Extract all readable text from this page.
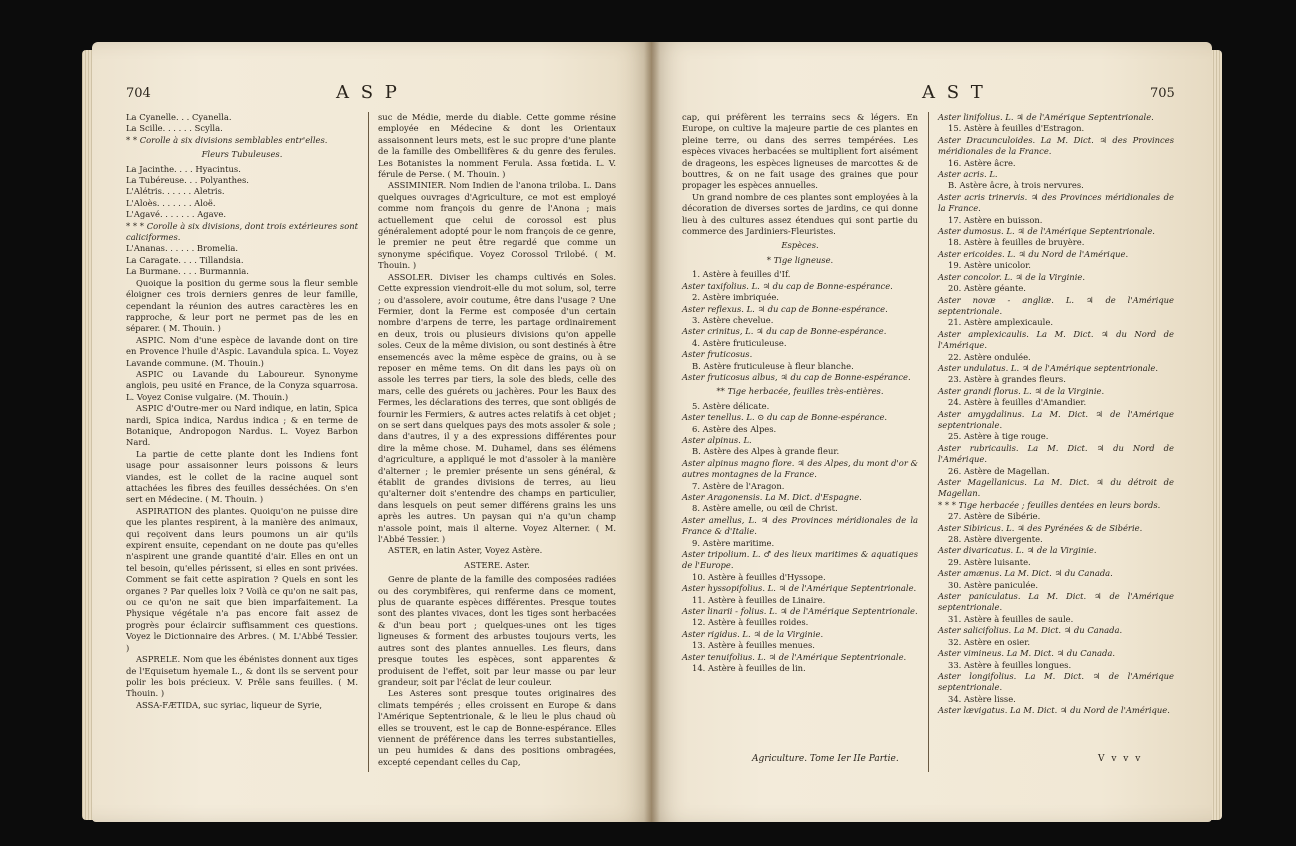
704	A S P

La Cyanelle. . . Cyanella.

La Scille. . . . . . Scylla.

* * Corolle à six divisions semblables entr'elles.

Fleurs Tubuleuses.

La Jacinthe. . . . Hyacintus.

La Tubéreuse. . . Polyanthes.

L'Alétris. . . . . . Aletris.

L'Aloès. . . . . . . Aloë.

L'Agavé. . . . . . . Agave.

* * * Corolle à six divisions, dont trois extérieures sont caliciformes.

L'Ananas. . . . . . Bromelia.

La Caragate. . . . Tillandsia.

La Burmane. . . . Burmannia.

Quoique la position du germe sous la fleur semble éloigner ces trois derniers genres de leur famille, cependant la réunion des autres caractères les en rapproche, & leur port ne permet pas de les en séparer. ( M. Thouin. )

ASPIC. Nom d'une espèce de lavande dont on tire en Provence l'huile d'Aspic. Lavandula spica. L. Voyez Lavande commune. (M. Thouin.)

ASPIC ou Lavande du Laboureur. Synonyme anglois, peu usité en France, de la Conyza squarrosa. L. Voyez Conise vulgaire. (M. Thouin.)

ASPIC d'Outre-mer ou Nard indique, en latin, Spica nardi, Spica indica, Nardus indica ; & en terme de Botanique, Andropogon Nardus. L. Voyez Barbon Nard.

La partie de cette plante dont les Indiens font usage pour assaisonner leurs poissons & leurs viandes, est le collet de la racine auquel sont attachées les fibres des feuilles desséchées. On s'en sert en Médecine. ( M. Thouin. )

ASPIRATION des plantes. Quoiqu'on ne puisse dire que les plantes respirent, à la manière des animaux, qui reçoivent dans leurs poumons un air qu'ils expirent ensuite, cependant on ne doute pas qu'elles n'aspirent une grande quantité d'air. Elles en ont un tel besoin, qu'elles périssent, si elles en sont privées. Comment se fait cette aspiration ? Quels en sont les organes ? Par quelles loix ? Voilà ce qu'on ne sait pas, ou ce qu'on ne sait que bien imparfaitement. La Physique végétale n'a pas encore fait assez de progrès pour éclaircir suffisamment ces questions. Voyez le Dictionnaire des Arbres. ( M. L'Abbé Tessier. )

ASPRELE. Nom que les ébénistes donnent aux tiges de l'Equisetum hyemale L., & dont ils se servent pour polir les bois précieux. V. Prêle sans feuilles. ( M. Thouin. )

ASSA-FÆTIDA, suc syriac, liqueur de Syrie,

suc de Médie, merde du diable. Cette gomme résine employée en Médecine & dont les Orientaux assaisonnent leurs mets, est le suc propre d'une plante de la famille des Ombellifères & du genre des ferules. Les Botanistes la nomment Ferula. Assa fœtida. L. V. férule de Perse. ( M. Thouin. )

ASSIMINIER. Nom Indien de l'anona triloba. L. Dans quelques ouvrages d'Agriculture, ce mot est employé comme nom françois du genre de l'Anona ; mais actuellement que celui de corossol est plus généralement adopté pour le nom françois de ce genre, le premier ne peut être regardé que comme un synonyme spécifique. Voyez Corossol Trilobé. ( M. Thouin. )

ASSOLER. Diviser les champs cultivés en Soles. Cette expression viendroit-elle du mot solum, sol, terre ; ou d'assolere, avoir coutume, être dans l'usage ? Une Fermier, dont la Ferme est composée d'un certain nombre d'arpens de terre, les partage ordinairement en deux, trois ou plusieurs divisions qu'on appelle soles. Ceux de la même division, ou sont destinés à être ensemencés avec la même espèce de grains, ou à se reposer en même tems. On dit dans les pays où on assole les terres par tiers, la sole des bleds, celle des mars, celle des guérets ou jachères. Pour les Baux des Fermes, les déclarations des terres, que sont obligés de fournir les Fermiers, & autres actes relatifs à cet objet ; on se sert dans quelques pays des mots assoler & sole ; dans d'autres, il y a des expressions différentes pour dire la même chose. M. Duhamel, dans ses élémens d'agriculture, a appliqué le mot d'assoler à la manière d'alterner ; le premier présente un sens général, & établit de grandes divisions de terres, au lieu qu'alterner doit s'entendre des champs en particulier, dans lesquels on peut semer différens grains les uns après les autres. Un paysan qui n'a qu'un champ n'assole point, mais il alterne. Voyez Alterner. ( M. l'Abbé Tessier. )

ASTER, en latin Aster, Voyez Astère.

ASTERE. Aster.

Genre de plante de la famille des composées radiées ou des corymbifères, qui renferme dans ce moment, plus de quarante espèces différentes. Presque toutes sont des plantes vivaces, dont les tiges sont herbacées & d'un beau port ; quelques-unes ont les tiges ligneuses & forment des arbustes toujours verts, les autres sont des plantes annuelles. Les fleurs, dans presque toutes les espèces, sont apparentes & produisent de l'effet, soit par leur masse ou par leur grandeur, soit par l'éclat de leur couleur.

Les Asteres sont presque toutes originaires des climats tempérés ; elles croissent en Europe & dans l'Amérique Septentrionale, & le lieu le plus chaud où elles se trouvent, est le cap de Bonne-espérance. Elles viennent de préférence dans les terres substantielles, un peu humides & dans des positions ombragées, excepté cependant celles du Cap,

A S T	705

cap, qui préfèrent les terrains secs & légers. En Europe, on cultive la majeure partie de ces plantes en pleine terre, ou dans des serres tempérées. Les espèces vivaces herbacées se multiplient fort aisément de drageons, les espèces ligneuses de marcottes & de bouttres, & on ne fait usage des graines que pour propager les espèces annuelles.

Un grand nombre de ces plantes sont employées à la décoration de diverses sortes de jardins, ce qui donne lieu à des cultures assez étendues qui sont partie du commerce des Jardiniers-Fleuristes.

Espèces.

* Tige ligneuse.

1. Astère à feuilles d'If.

Aster taxifolius. L. ♃ du cap de Bonne-espérance.

2. Astère imbriquée.

Aster reflexus. L. ♃ du cap de Bonne-espérance.

3. Astère chevelue.

Aster crinitus, L. ♃ du cap de Bonne-espérance.

4. Astère fruticuleuse.

Aster fruticosus.

B. Astère fruticuleuse à fleur blanche.

Aster fruticosus albus, ♃ du cap de Bonne-espérance.

** Tige herbacée, feuilles très-entières.

5. Astère délicate.

Aster tenellus. L. ⊙ du cap de Bonne-espérance.

6. Astère des Alpes.

Aster alpinus. L.

B. Astère des Alpes à grande fleur.

Aster alpinus magno flore. ♃ des Alpes, du mont d'or & autres montagnes de la France.

7. Astère de l'Aragon.

Aster Aragonensis. La M. Dict. d'Espagne.

8. Astère amelle, ou œil de Christ.

Aster amellus, L. ♃ des Provinces méridionales de la France & d'Italie.

9. Astère maritime.

Aster tripolium. L. ♂ des lieux maritimes & aquatiques de l'Europe.

10. Astère à feuilles d'Hyssope.

Aster hyssopifolius. L. ♃ de l'Amérique Septentrionale.

11. Astère à feuilles de Linaire.

Aster linarii - folius. L. ♃ de l'Amérique Septentrionale.

12. Astère à feuilles roides.

Aster rigidus. L. ♃ de la Virginie.

13. Astère à feuilles menues.

Aster tenuifolius. L. ♃ de l'Amérique Septentrionale.

14. Astère à feuilles de lin.

Aster linifolius. L. ♃ de l'Amérique Septentrionale.

15. Astère à feuilles d'Estragon.

Aster Dracunculoides. La M. Dict. ♃ des Provinces méridionales de la France.

16. Astère âcre.

Aster acris. L.

B. Astère âcre, à trois nervures.

Aster acris trinervis. ♃ des Provinces méridionales de la France.

17. Astère en buisson.

Aster dumosus. L. ♃ de l'Amérique Septentrionale.

18. Astère à feuilles de bruyère.

Aster ericoides. L. ♃ du Nord de l'Amérique.

19. Astère unicolor.

Aster concolor. L. ♃ de la Virginie.

20. Astère géante.

Aster novæ - angliæ. L. ♃ de l'Amérique septentrionale.

21. Astère amplexicaule.

Aster amplexicaulis. La M. Dict. ♃ du Nord de l'Amérique.

22. Astère ondulée.

Aster undulatus. L. ♃ de l'Amérique septentrionale.

23. Astère à grandes fleurs.

Aster grandi florus. L. ♃ de la Virginie.

24. Astère à feuilles d'Amandier.

Aster amygdalinus. La M. Dict. ♃ de l'Amérique septentrionale.

25. Astère à tige rouge.

Aster rubricaulis. La M. Dict. ♃ du Nord de l'Amérique.

26. Astère de Magellan.

Aster Magellanicus. La M. Dict. ♃ du détroit de Magellan.

* * * Tige herbacée ; feuilles dentées en leurs bords.

27. Astère de Sibérie.

Aster Sibiricus. L. ♃ des Pyrénées & de Sibérie.

28. Astère divergente.

Aster divaricatus. L. ♃ de la Virginie.

29. Astère luisante.

Aster amænus. La M. Dict. ♃ du Canada.

30. Astère paniculée.

Aster paniculatus. La M. Dict. ♃ de l'Amérique septentrionale.

31. Astère à feuilles de saule.

Aster salicifolius. La M. Dict. ♃ du Canada.

32. Astère en osier.

Aster vimineus. La M. Dict. ♃ du Canada.

33. Astère à feuilles longues.

Aster longifolius. La M. Dict. ♃ de l'Amérique septentrionale.

34. Astère lisse.

Aster lævigatus. La M. Dict. ♃ du Nord de l'Amérique.

Agriculture. Tome Ier IIe Partie.	V v v v
